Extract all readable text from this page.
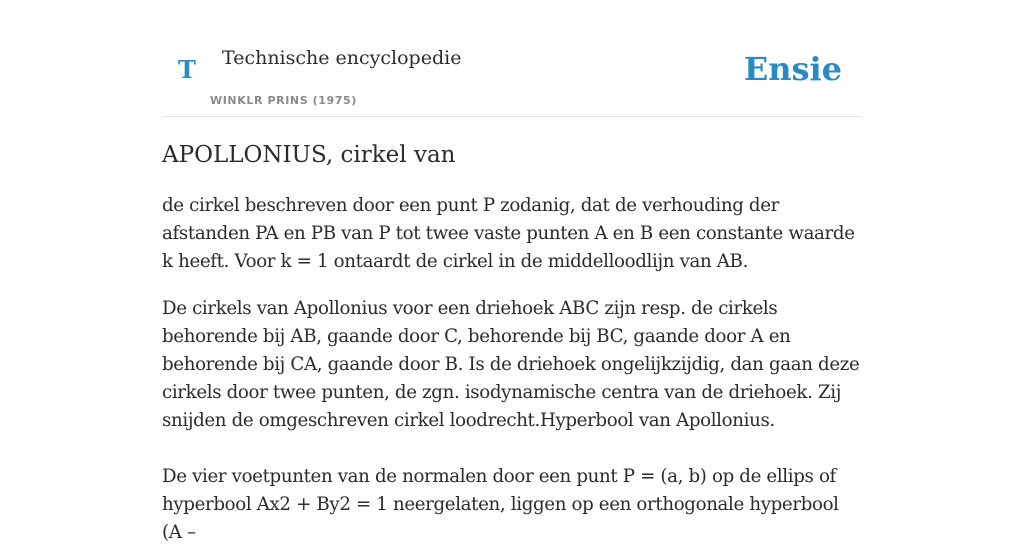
T Technische encyclopedie
WINKLR PRINS (1975)
Ensie
APOLLONIUS, cirkel van

de cirkel beschreven door een punt P zodanig, dat de verhouding der afstanden PA en PB van P tot twee vaste punten A en B een constante waarde k heeft. Voor k = 1 ontaardt de cirkel in de middelloodlijn van AB.

De cirkels van Apollonius voor een driehoek ABC zijn resp. de cirkels behorende bij AB, gaande door C, behorende bij BC, gaande door A en behorende bij CA, gaande door B. Is de driehoek ongelijkzijdig, dan gaan deze cirkels door twee punten, de zgn. isodynamische centra van de driehoek. Zij snijden de omgeschreven cirkel loodrecht.Hyperbool van Apollonius.

De vier voetpunten van de normalen door een punt P = (a, b) op de ellips of hyperbool Ax2 + By2 = 1 neergelaten, liggen op een orthogonale hyperbool (A –
